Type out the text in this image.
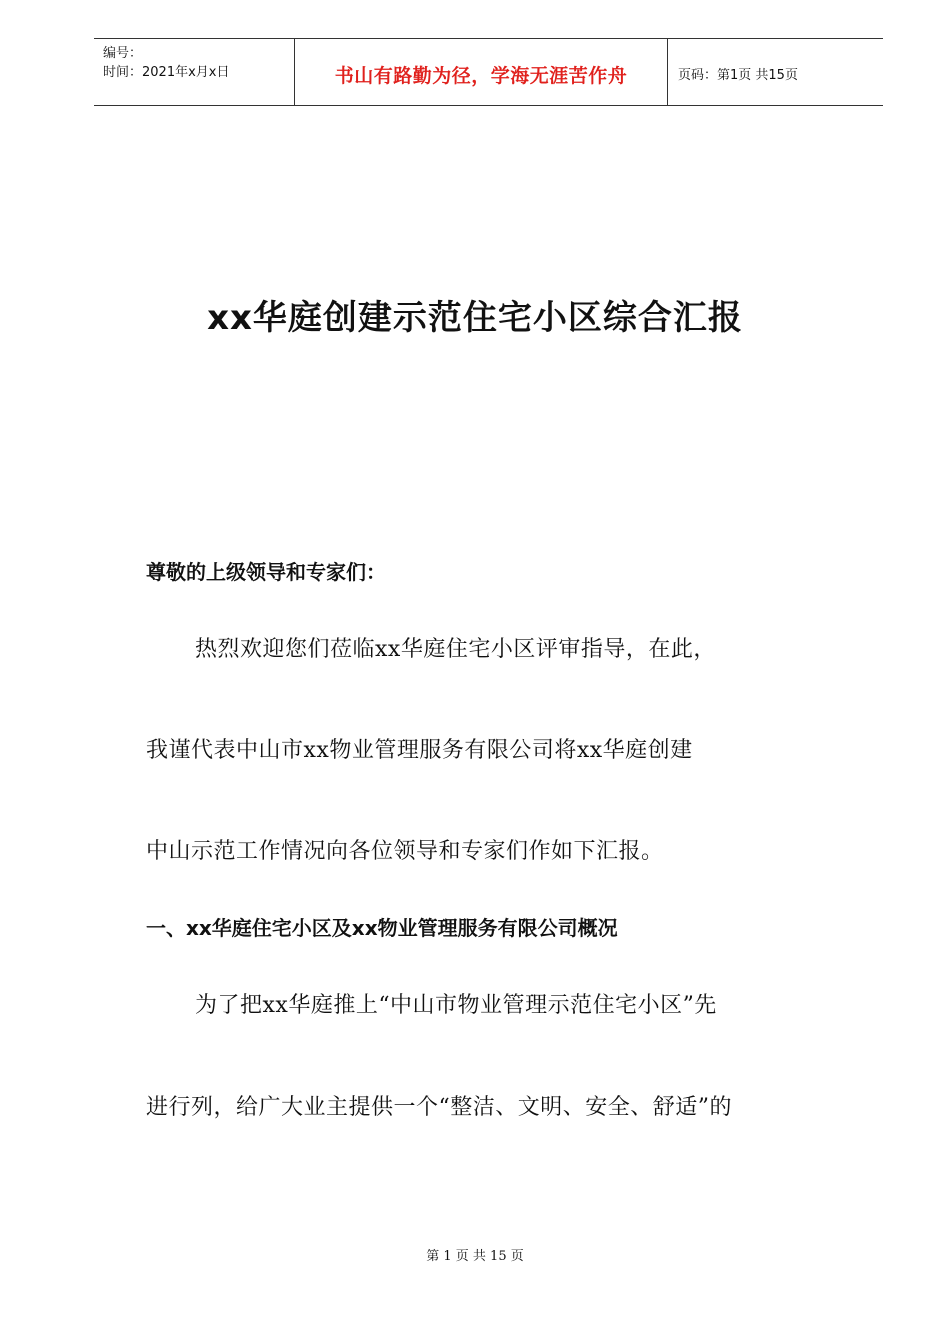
编号：
时间：2021年x月x日	书山有路勤为径，学海无涯苦作舟	页码：第1页 共15页
xx华庭创建示范住宅小区综合汇报
尊敬的上级领导和专家们：
热烈欢迎您们莅临xx华庭住宅小区评审指导，在此，
我谨代表中山市xx物业管理服务有限公司将xx华庭创建
中山示范工作情况向各位领导和专家们作如下汇报。
一、xx华庭住宅小区及xx物业管理服务有限公司概况
为了把xx华庭推上“中山市物业管理示范住宅小区”先
进行列，给广大业主提供一个“整洁、文明、安全、舒适”的
第 1 页 共 15 页
